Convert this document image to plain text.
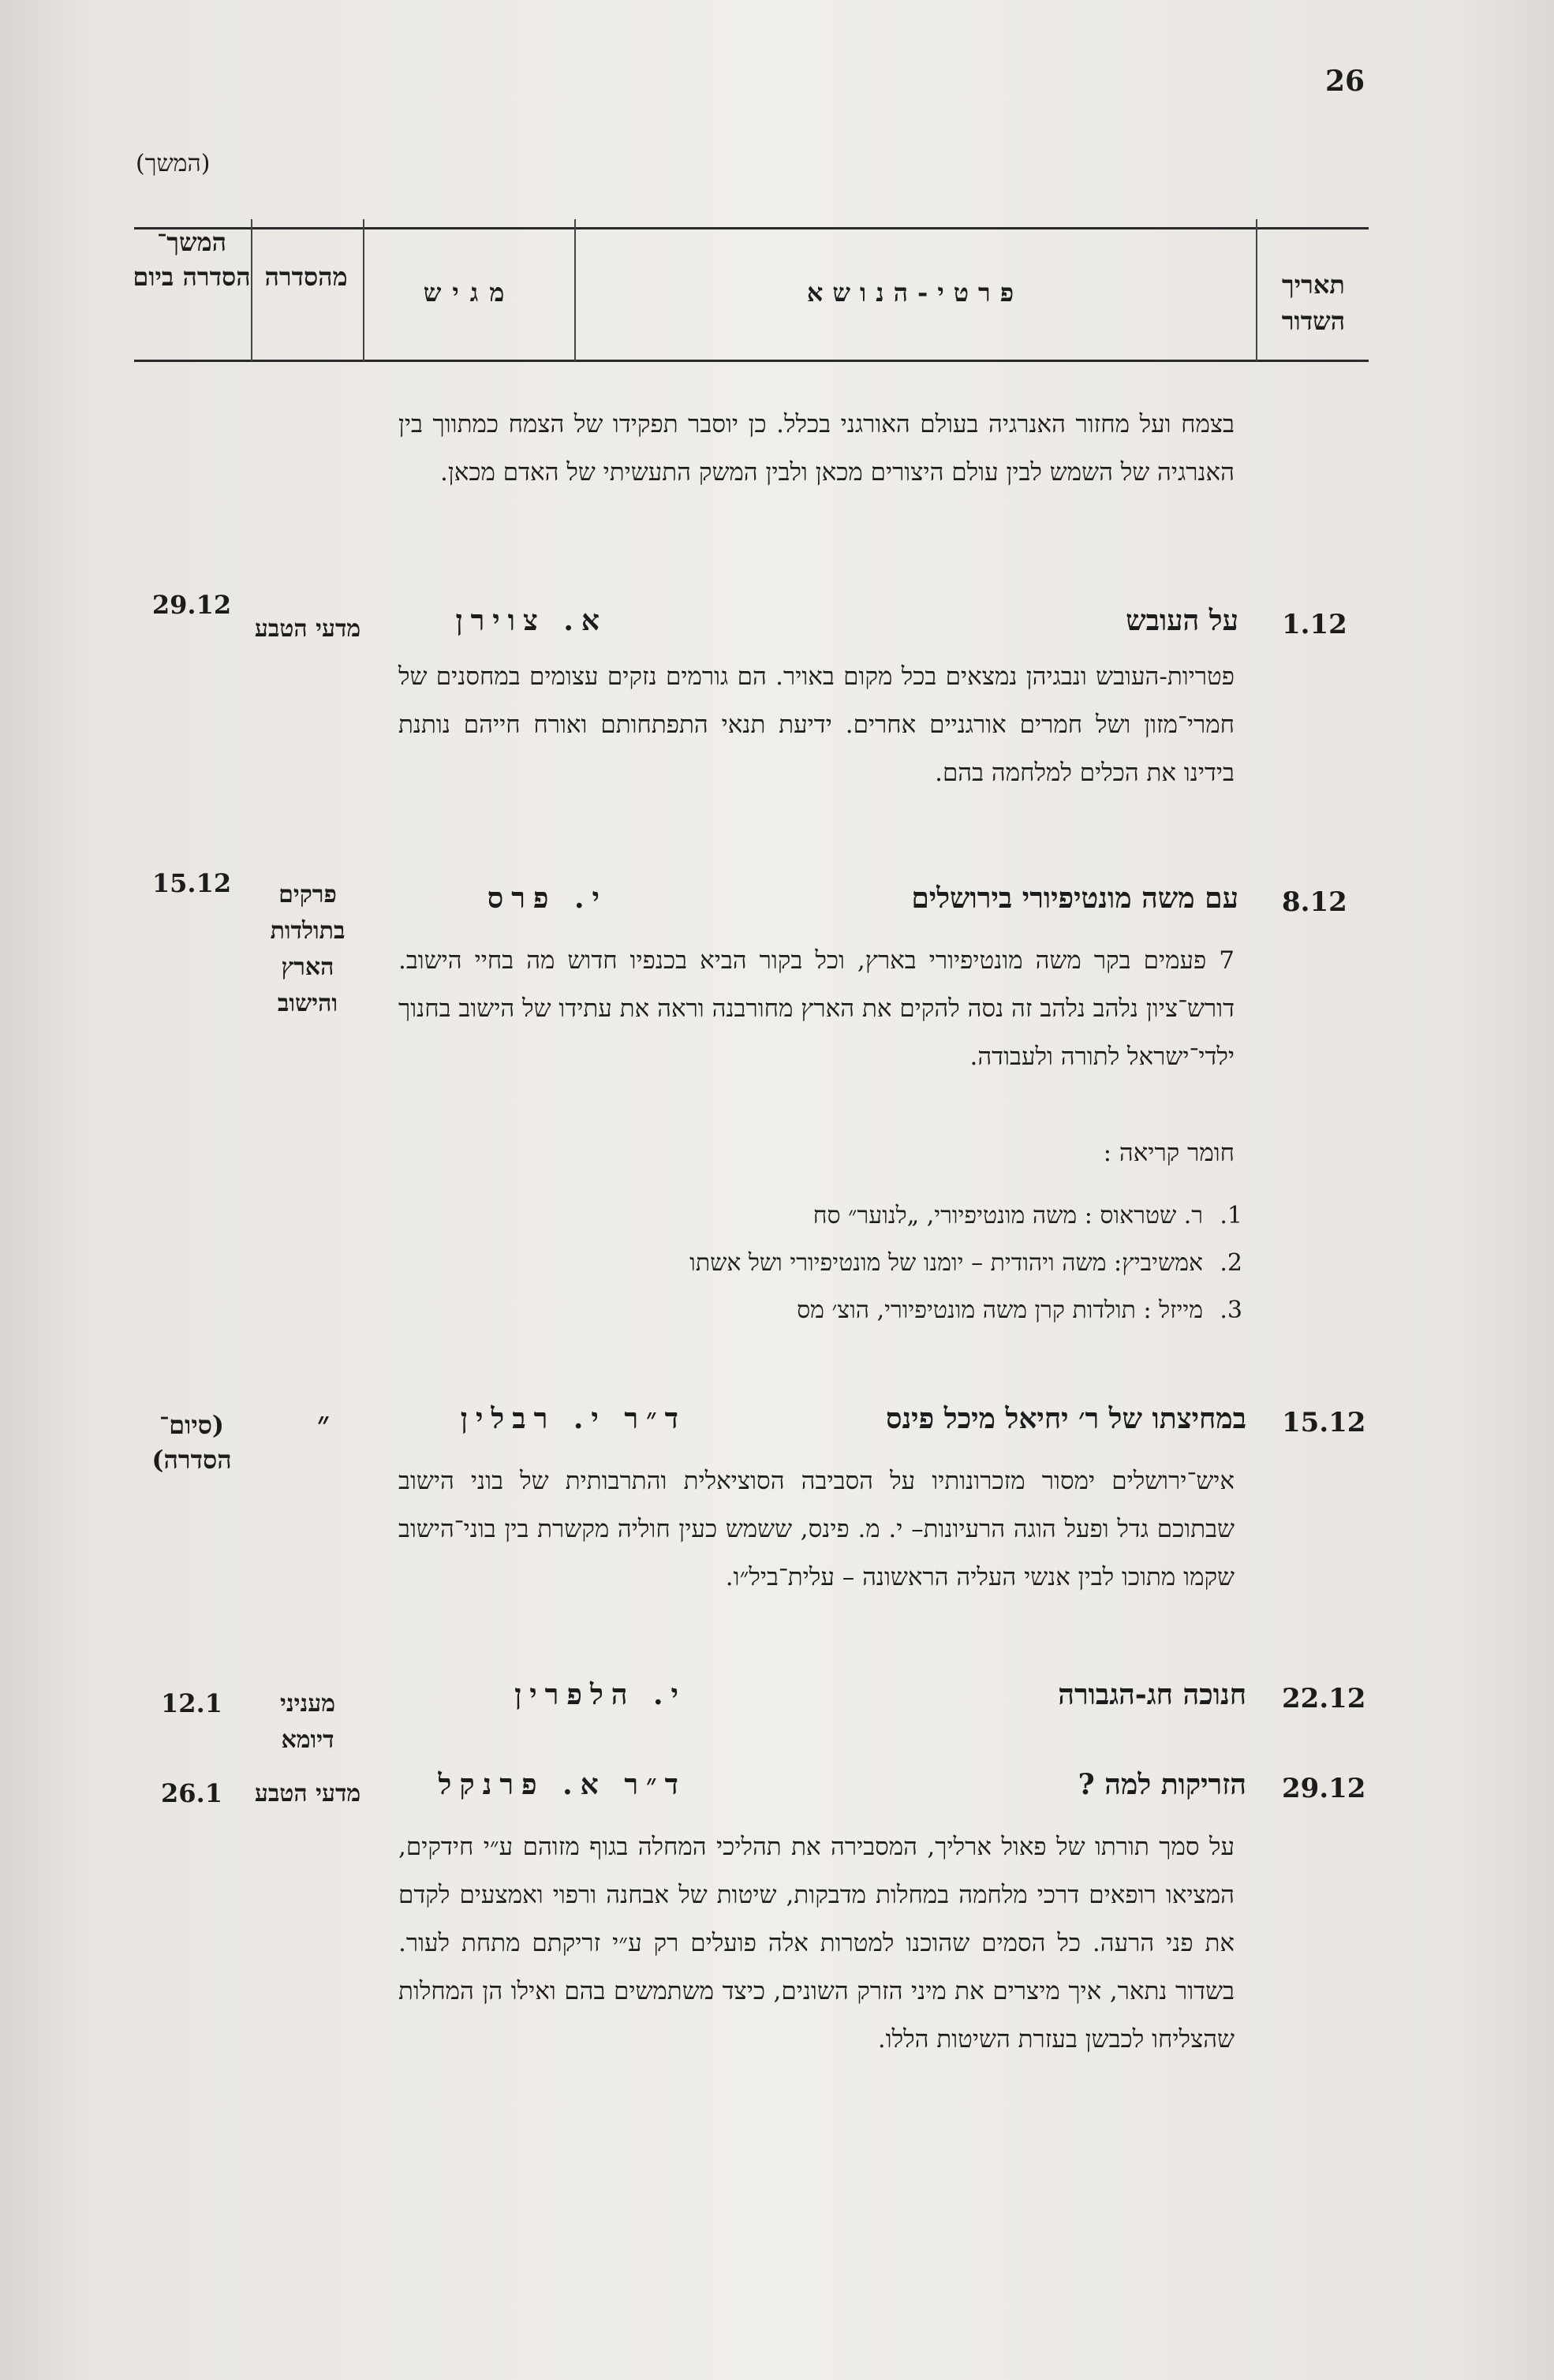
26
(המשך)
תאריך השדור
פרטי-הנושא
מגיש
מהסדרה
המשך־ הסדרה ביום
בצמח ועל מחזור האנרגיה בעולם האורגני בכלל. כן יוסבר תפקידו של הצמח כמתווך בין האנרגיה של השמש לבין עולם היצורים מכאן ולבין המשק התעשיתי של האדם מכאן.
1.12
על העובש
א. צוירן
מדעי הטבע
29.12
פטריות-העובש ונבגיהן נמצאים בכל מקום באויר. הם גורמים נזקים עצומים במחסנים של חמרי־מזון ושל חמרים אורגניים אחרים. ידיעת תנאי התפתחותם ואורח חייהם נותנת בידינו את הכלים למלחמה בהם.
8.12
עם משה מונטיפיורי בירושלים
י. פרס
פרקים בתולדות הארץ והישוב
15.12
7 פעמים בקר משה מונטיפיורי בארץ, וכל בקור הביא בכנפיו חדוש מה בחיי הישוב. דורש־ציון נלהב נלהב זה נסה להקים את הארץ מחורבנה וראה את עתידו של הישוב בחנוך ילדי־ישראל לתורה ולעבודה.
חומר קריאה :
1.
ר. שטראוס : משה מונטיפיורי, „לנוער״ סח
2.
אמשיביץ: משה ויהודית – יומנו של מונטיפיורי ושל אשתו
3.
מייזל : תולדות קרן משה מונטיפיורי, הוצ׳ מס
15.12
במחיצתו של ר׳ יחיאל מיכל פינס
ד״ר י. רבלין
״
(סיום־ הסדרה)
איש־ירושלים ימסור מזכרונותיו על הסביבה הסוציאלית והתרבותית של בוני הישוב שבתוכם גדל ופעל הוגה הרעיונות– י. מ. פינס, ששמש כעין חוליה מקשרת בין בוני־הישוב שקמו מתוכו לבין אנשי העליה הראשונה – עלית־ביל״ו.
22.12
חנוכה חג-הגבורה
י. הלפרין
מעניני דיומא
12.1
29.12
הזריקות למה ?
ד״ר א. פרנקל
מדעי הטבע
26.1
על סמך תורתו של פאול ארליך, המסבירה את תהליכי המחלה בגוף מזוהם ע״י חידקים, המציאו רופאים דרכי מלחמה במחלות מדבקות, שיטות של אבחנה ורפוי ואמצעים לקדם את פני הרעה. כל הסמים שהוכנו למטרות אלה פועלים רק ע״י זריקתם מתחת לעור. בשדור נתאר, איך מיצרים את מיני הזרק השונים, כיצד משתמשים בהם ואילו הן המחלות שהצליחו לכבשן בעזרת השיטות הללו.
